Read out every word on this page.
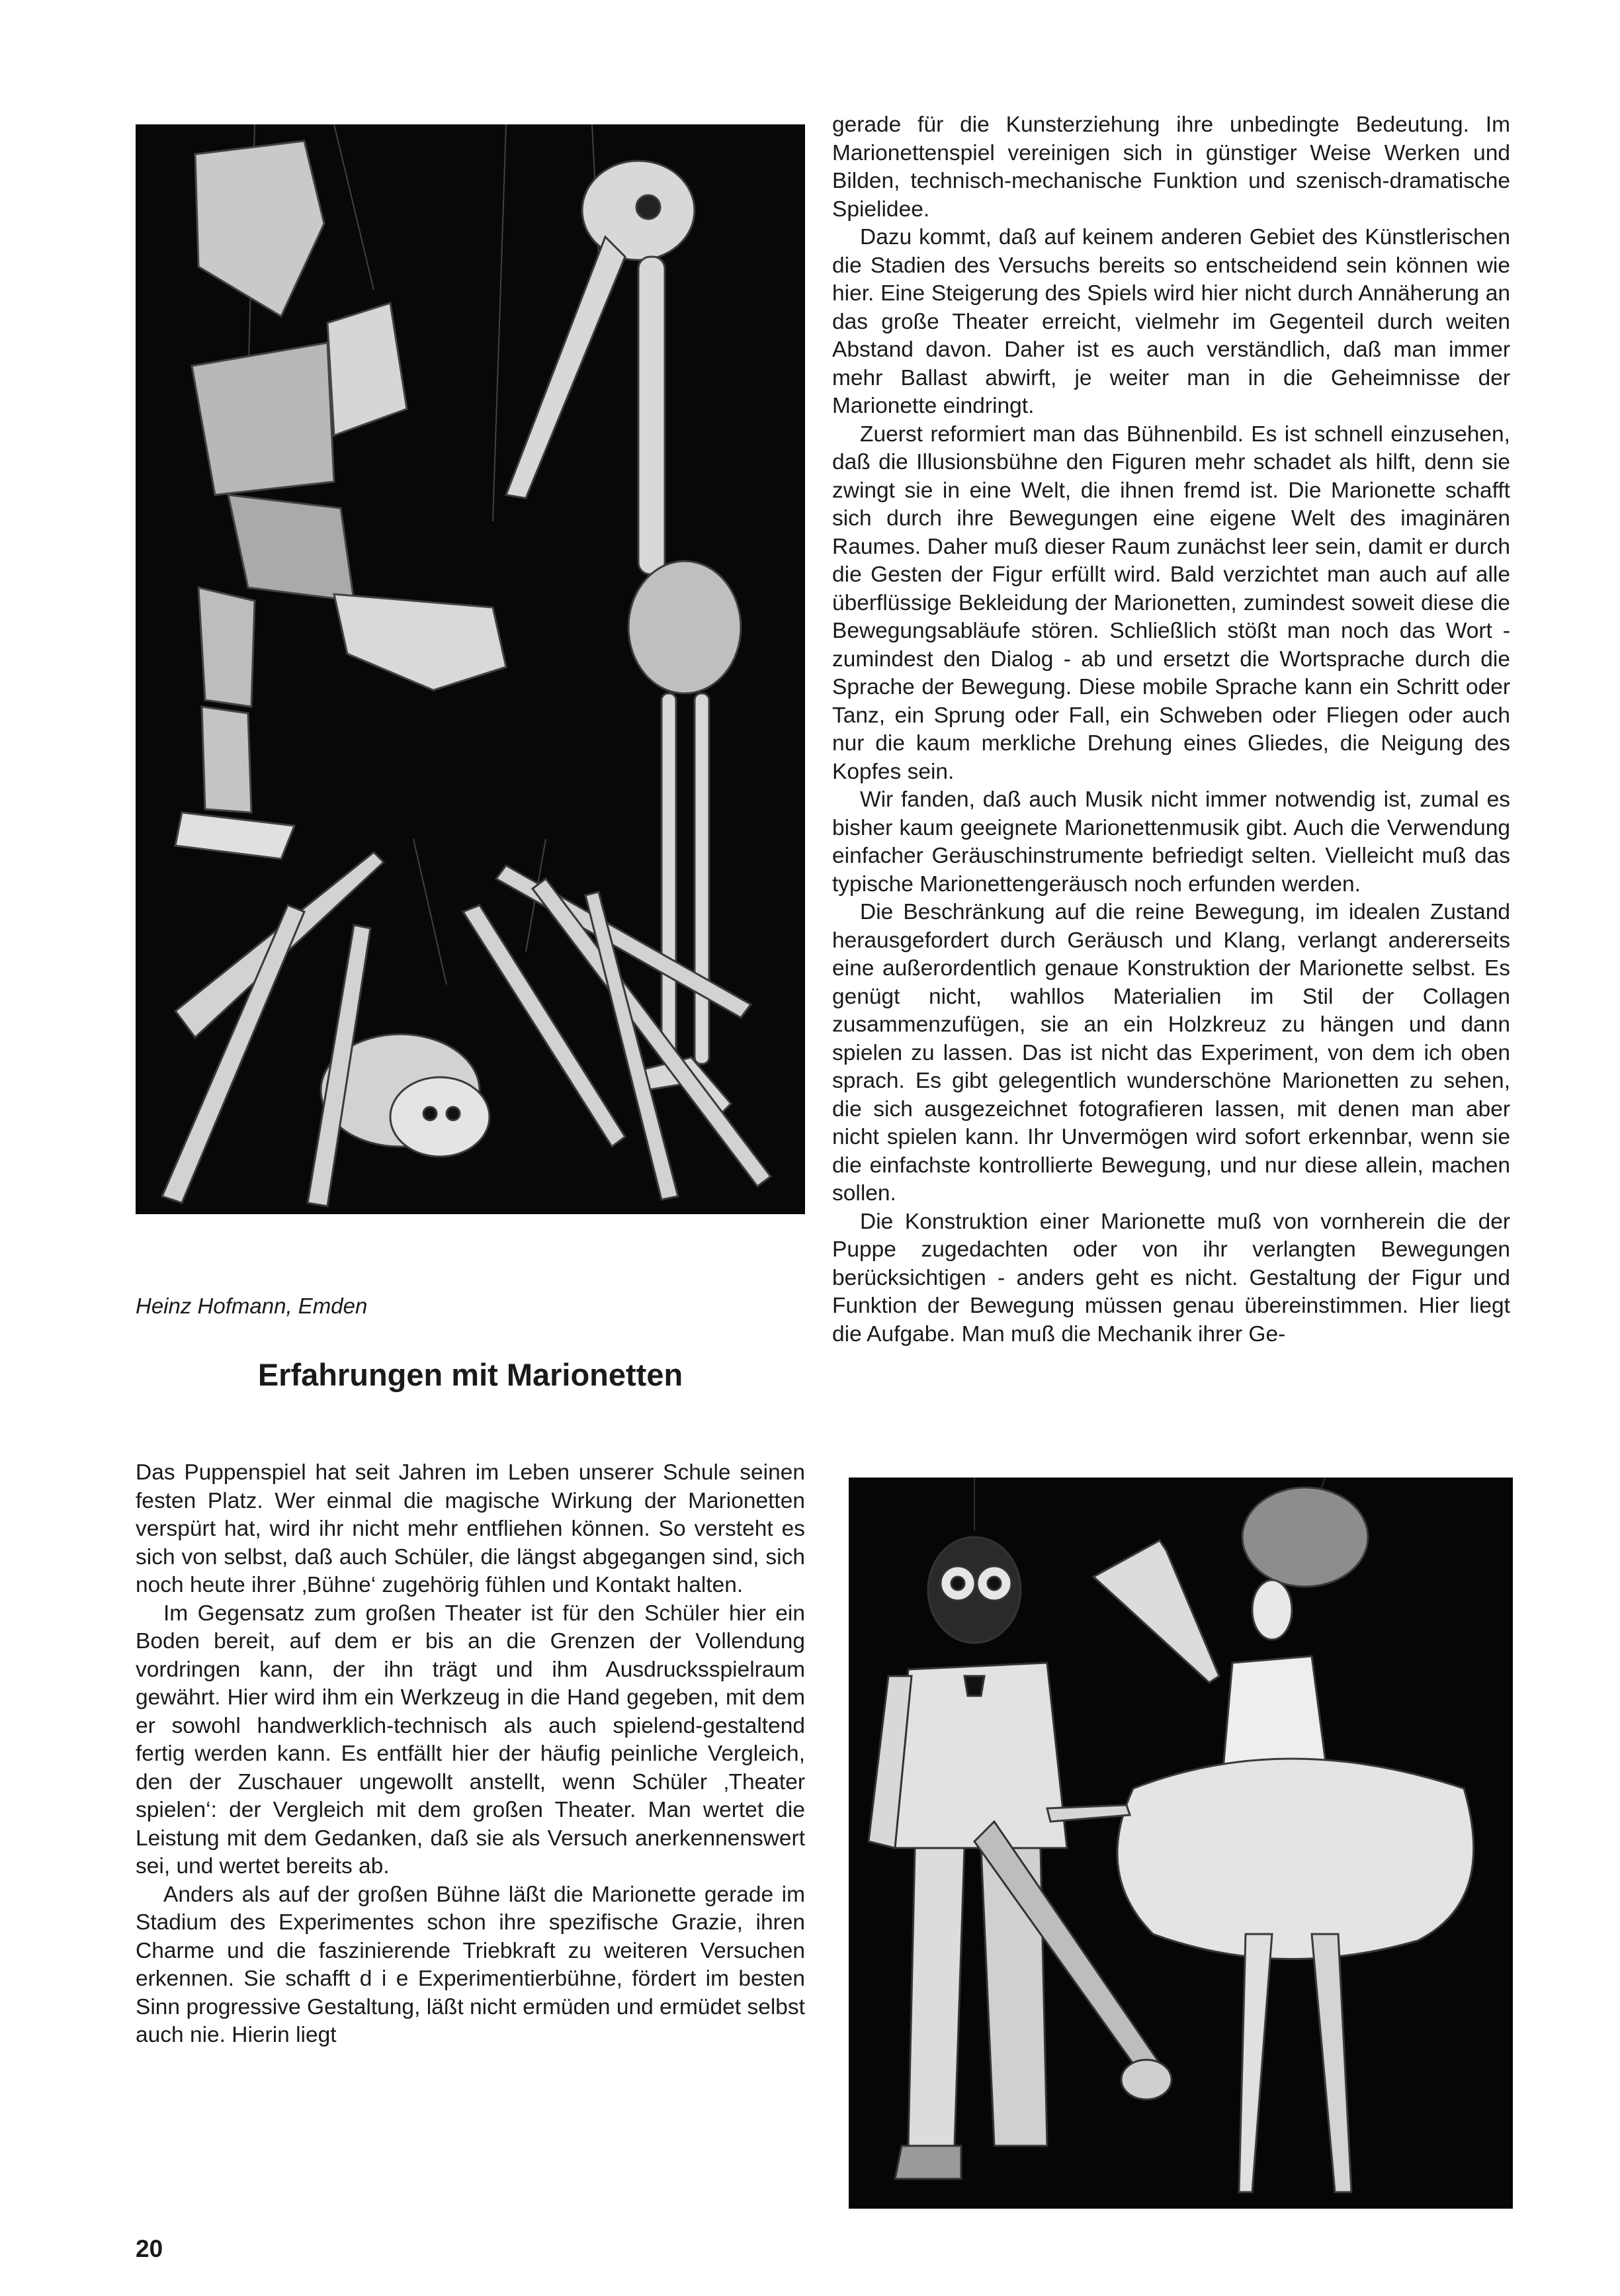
Heinz Hofmann, Emden
Erfahrungen mit Marionetten

Das Puppenspiel hat seit Jahren im Leben unserer Schule seinen festen Platz. Wer einmal die magische Wirkung der Marionetten verspürt hat, wird ihr nicht mehr entfliehen können. So versteht es sich von selbst, daß auch Schüler, die längst abgegangen sind, sich noch heute ihrer ‚Bühne‘ zugehörig fühlen und Kontakt halten.

Im Gegensatz zum großen Theater ist für den Schüler hier ein Boden bereit, auf dem er bis an die Grenzen der Vollendung vordringen kann, der ihn trägt und ihm Ausdrucksspielraum gewährt. Hier wird ihm ein Werkzeug in die Hand gegeben, mit dem er sowohl handwerklich-technisch als auch spielend-gestaltend fertig werden kann. Es entfällt hier der häufig peinliche Vergleich, den der Zuschauer ungewollt anstellt, wenn Schüler ‚Theater spielen‘: der Vergleich mit dem großen Theater. Man wertet die Leistung mit dem Gedanken, daß sie als Versuch anerkennenswert sei, und wertet bereits ab.

Anders als auf der großen Bühne läßt die Marionette gerade im Stadium des Experimentes schon ihre spezifische Grazie, ihren Charme und die faszinierende Triebkraft zu weiteren Versuchen erkennen. Sie schafft d i e Experimentierbühne, fördert im besten Sinn progressive Gestaltung, läßt nicht ermüden und ermüdet selbst auch nie. Hierin liegt

gerade für die Kunsterziehung ihre unbedingte Bedeutung. Im Marionettenspiel vereinigen sich in günstiger Weise Werken und Bilden, technisch-mechanische Funktion und szenisch-dramatische Spielidee.

Dazu kommt, daß auf keinem anderen Gebiet des Künstlerischen die Stadien des Versuchs bereits so entscheidend sein können wie hier. Eine Steigerung des Spiels wird hier nicht durch Annäherung an das große Theater erreicht, vielmehr im Gegenteil durch weiten Abstand davon. Daher ist es auch verständlich, daß man immer mehr Ballast abwirft, je weiter man in die Geheimnisse der Marionette eindringt.

Zuerst reformiert man das Bühnenbild. Es ist schnell einzusehen, daß die Illusionsbühne den Figuren mehr schadet als hilft, denn sie zwingt sie in eine Welt, die ihnen fremd ist. Die Marionette schafft sich durch ihre Bewegungen eine eigene Welt des imaginären Raumes. Daher muß dieser Raum zunächst leer sein, damit er durch die Gesten der Figur erfüllt wird. Bald verzichtet man auch auf alle überflüssige Bekleidung der Marionetten, zumindest soweit diese die Bewegungsabläufe stören. Schließlich stößt man noch das Wort - zumindest den Dialog - ab und ersetzt die Wortsprache durch die Sprache der Bewegung. Diese mobile Sprache kann ein Schritt oder Tanz, ein Sprung oder Fall, ein Schweben oder Fliegen oder auch nur die kaum merkliche Drehung eines Gliedes, die Neigung des Kopfes sein.

Wir fanden, daß auch Musik nicht immer notwendig ist, zumal es bisher kaum geeignete Marionettenmusik gibt. Auch die Verwendung einfacher Geräuschinstrumente befriedigt selten. Vielleicht muß das typische Marionettengeräusch noch erfunden werden.

Die Beschränkung auf die reine Bewegung, im idealen Zustand herausgefordert durch Geräusch und Klang, verlangt andererseits eine außerordentlich genaue Konstruktion der Marionette selbst. Es genügt nicht, wahllos Materialien im Stil der Collagen zusammenzufügen, sie an ein Holzkreuz zu hängen und dann spielen zu lassen. Das ist nicht das Experiment, von dem ich oben sprach. Es gibt gelegentlich wunderschöne Marionetten zu sehen, die sich ausgezeichnet fotografieren lassen, mit denen man aber nicht spielen kann. Ihr Unvermögen wird sofort erkennbar, wenn sie die einfachste kontrollierte Bewegung, und nur diese allein, machen sollen.

Die Konstruktion einer Marionette muß von vornherein die der Puppe zugedachten oder von ihr verlangten Bewegungen berücksichtigen - anders geht es nicht. Gestaltung der Figur und Funktion der Bewegung müssen genau übereinstimmen. Hier liegt die Aufgabe. Man muß die Mechanik ihrer Ge-

20
